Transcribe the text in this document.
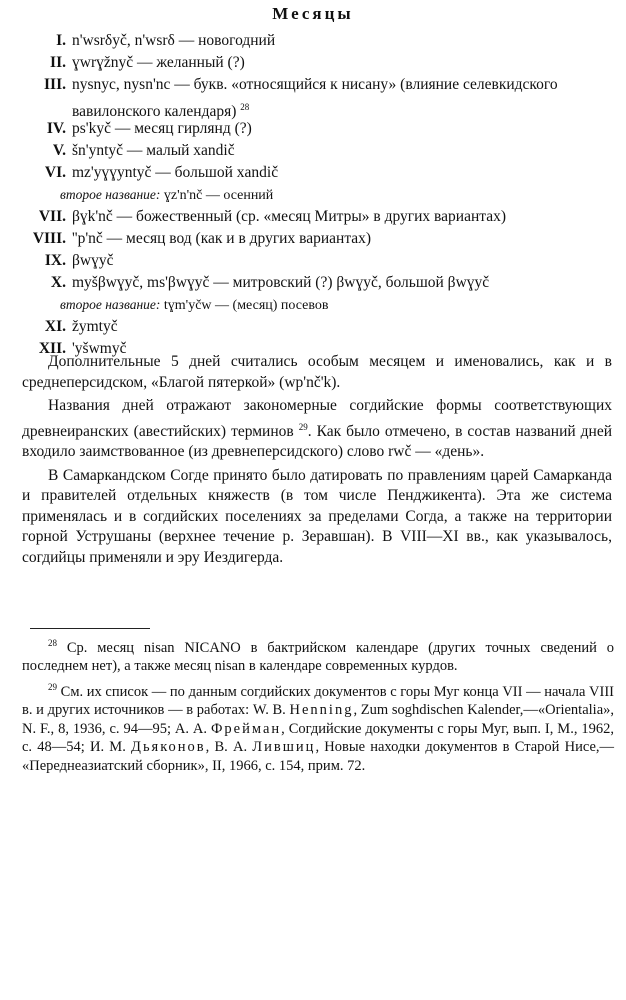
Месяцы
I. n'wsrδyč, n'wsrδ — новогодний
II. ɣwrɣžnyč — желанный (?)
III. nysnyc, nysn'nc — букв. «относящийся к нисану» (влияние селевкидского вавилонского календаря) $^{28}$
IV. ps'kyč — месяц гирлянд (?)
V. šn'yntyč — малый xandič
VI. mz'yɣɣyntyč — большой xandič
второе название: ɣz'n'nč — осенний
VII. βɣk'nč — божественный (ср. «месяц Митры» в других вариантах)
VIII. ''p'nč — месяц вод (как и в других вариантах)
IX. βwɣyč
X. myšβwɣyč, ms'βwɣyč — митровский (?) βwɣyč, большой βwɣyč
второе название: tɣm'yčw — (месяц) посевов
XI. žymtyč
XII. 'yšwmyč

Дополнительные 5 дней считались особым месяцем и именовались, как и в среднеперсидском, «Благой пятеркой» (wp'nč'k).

Названия дней отражают закономерные согдийские формы соответствующих древнеиранских (авестийских) терминов $^{29}$. Как было отмечено, в состав названий дней входило заимствованное (из древнеперсидского) слово rwč — «день».

В Самаркандском Согде принято было датировать по правлениям царей Самарканда и правителей отдельных княжеств (в том числе Пенджикента). Эта же система применялась и в согдийских поселениях за пределами Согда, а также на территории горной Уструшаны (верхнее течение р. Зеравшан). В VIII—XI вв., как указывалось, согдийцы применяли и эру Иездигерда.

$^{28}$ Ср. месяц nisan NICANO в бактрийском календаре (других точных сведений о последнем нет), а также месяц nisan в календаре современных курдов.

$^{29}$ См. их список — по данным согдийских документов с горы Муг конца VII — начала VIII в. и других источников — в работах: W. B. Henning, Zum soghdischen Kalender,—«Orientalia», N. F., 8, 1936, с. 94—95; А. А. Фрейман, Согдийские документы с горы Муг, вып. I, М., 1962, с. 48—54; И. М. Дьяконов, В. А. Лившиц, Новые находки документов в Старой Нисе,— «Переднеазиатский сборник», II, 1966, с. 154, прим. 72.
